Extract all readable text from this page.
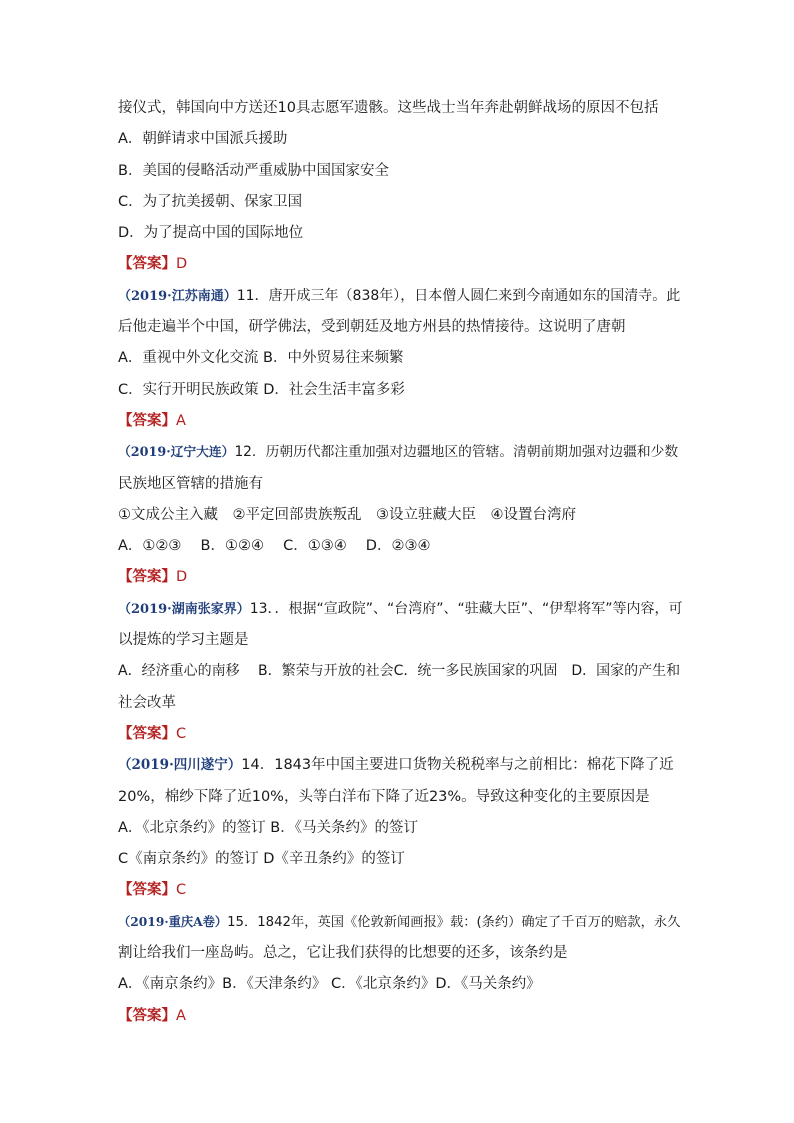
接仪式，韩国向中方送还10具志愿军遗骸。这些战士当年奔赴朝鲜战场的原因不包括
A．朝鲜请求中国派兵援助
B．美国的侵略活动严重威胁中国国家安全
C．为了抗美援朝、保家卫国
D．为了提高中国的国际地位
【答案】D
（2019·江苏南通）11．唐开成三年（838年），日本僧人圆仁来到今南通如东的国清寺。此
后他走遍半个中国，研学佛法，受到朝廷及地方州县的热情接待。这说明了唐朝
A．重视中外文化交流 B．中外贸易往来频繁
C．实行开明民族政策 D．社会生活丰富多彩
【答案】A
（2019·辽宁大连）12．历朝历代都注重加强对边疆地区的管辖。清朝前期加强对边疆和少数
民族地区管辖的措施有
①文成公主入藏　②平定回部贵族叛乱　③设立驻藏大臣　④设置台湾府
A．①②③　 B．①②④　 C．①③④　 D．②③④
【答案】D
（2019·湖南张家界）13．．根据“宣政院”、“台湾府”、“驻藏大臣”、“伊犁将军”等内容，可
以提炼的学习主题是
A．经济重心的南移　 B．繁荣与开放的社会C．统一多民族国家的巩固　D．国家的产生和
社会改革
【答案】C
（2019·四川遂宁）14．1843年中国主要进口货物关税税率与之前相比：棉花下降了近
20%，棉纱下降了近10%，头等白洋布下降了近23%。导致这种变化的主要原因是
A．《北京条约》的签订 B．《马关条约》的签订
C《南京条约》的签订 D《辛丑条约》的签订
【答案】C
（2019·重庆A卷）15．1842年，英国《伦敦新闻画报》载：(条约）确定了千百万的赔款，永久
割让给我们一座岛屿。总之，它让我们获得的比想要的还多，该条约是
A．《南京条约》B．《天津条约》 C．《北京条约》D．《马关条约》
【答案】A
